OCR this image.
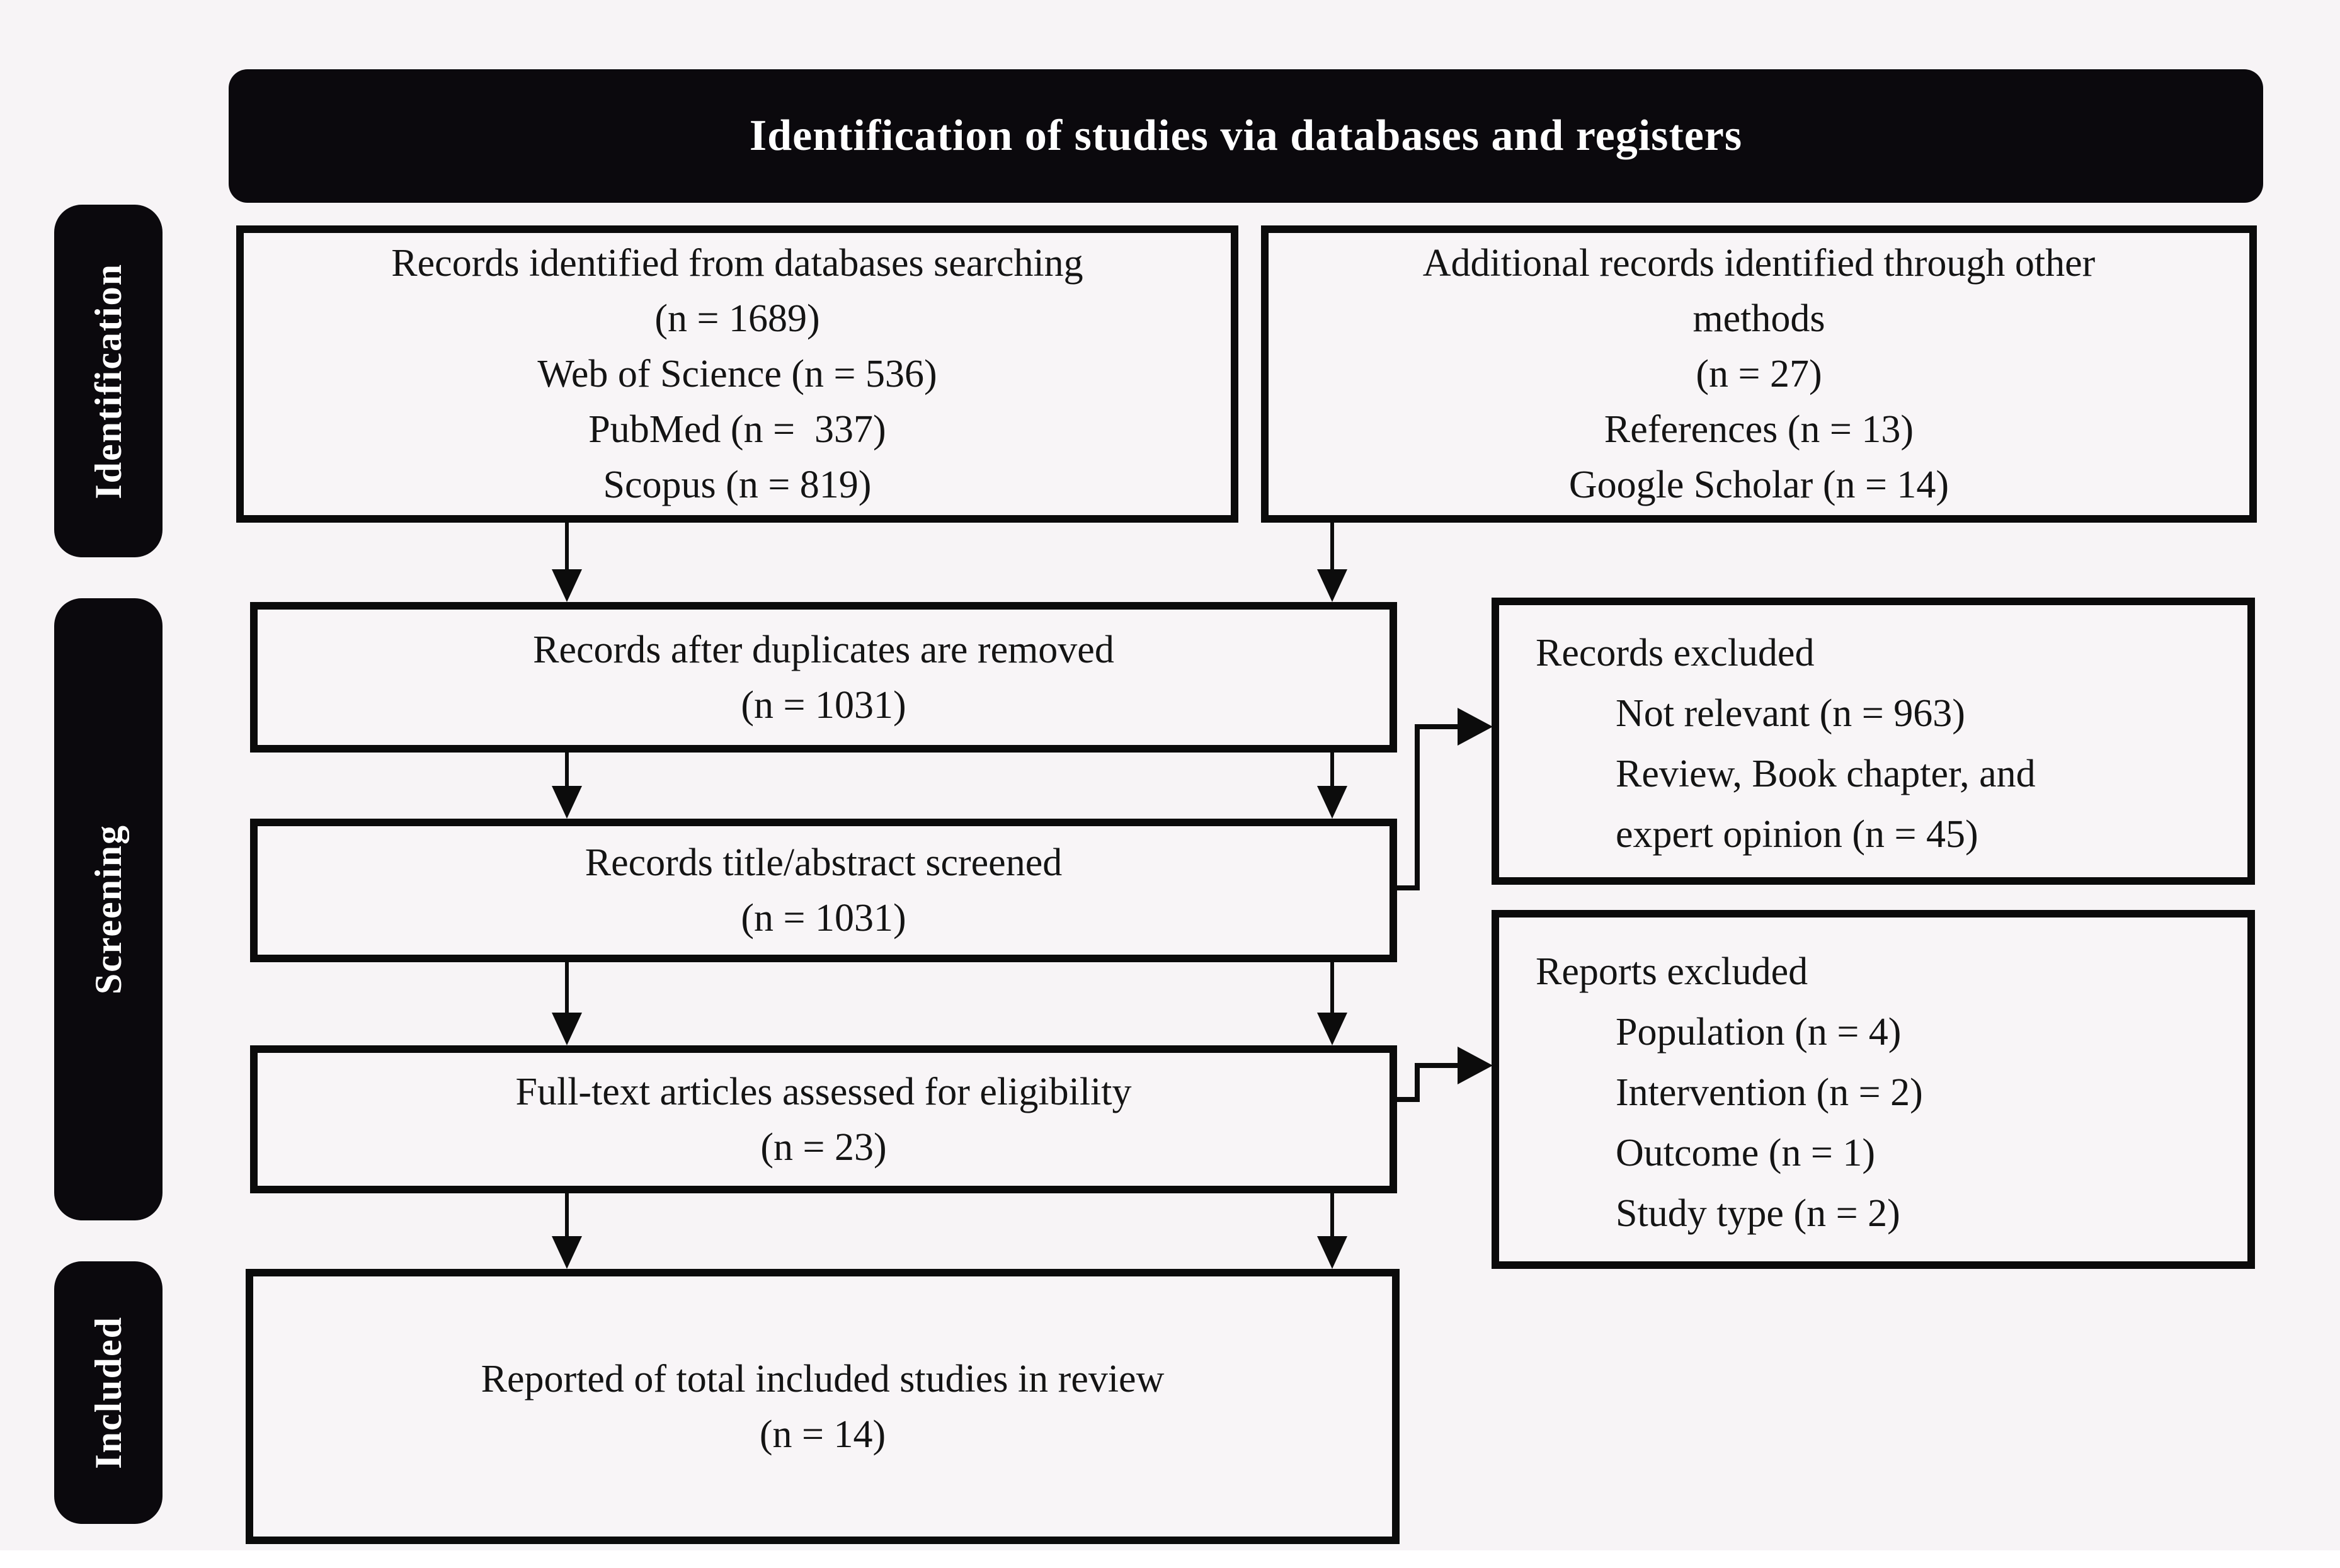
Identification of studies via databases and registers
Identification
Screening
Included
Records identified from databases searching
(n = 1689)
Web of Science (n = 536)
PubMed (n =  337)
Scopus (n = 819)
Additional records identified through other
methods
(n = 27)
References (n = 13)
Google Scholar (n = 14)
Records after duplicates are removed
(n = 1031)
Records title/abstract screened
(n = 1031)
Full-text articles assessed for eligibility
(n = 23)
Reported of total included studies in review
(n = 14)
Records excluded
Not relevant (n = 963)
Review, Book chapter, and expert opinion (n = 45)
Reports excluded
Population (n = 4)
Intervention (n = 2)
Outcome (n = 1)
Study type (n = 2)
